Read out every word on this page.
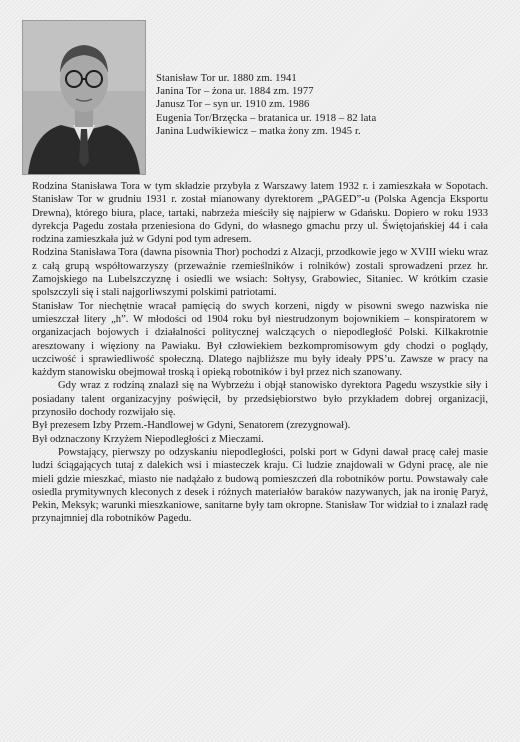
Stanisław Tor ur. 1880 zm. 1941
Janina Tor – żona ur. 1884 zm. 1977
Janusz Tor – syn ur. 1910 zm. 1986
Eugenia Tor/Brzęcka – bratanica ur. 1918 – 82 lata
Janina Ludwikiewicz – matka żony zm. 1945 r.

Rodzina Stanisława Tora w tym składzie przybyła z Warszawy latem 1932 r. i zamieszkała w Sopotach. Stanisław Tor w grudniu 1931 r. został mianowany dyrektorem „PAGED”-u (Polska Agencja Eksportu Drewna), którego biura, place, tartaki, nabrzeża mieściły się najpierw w Gdańsku. Dopiero w roku 1933 dyrekcja Pagedu została przeniesiona do Gdyni, do własnego gmachu przy ul. Świętojańskiej 44 i cała rodzina zamieszkała już w Gdyni pod tym adresem.

Rodzina Stanisława Tora (dawna pisownia Thor) pochodzi z Alzacji, przodkowie jego w XVIII wieku wraz z całą grupą współtowarzyszy (przeważnie rzemieślników i rolników) zostali sprowadzeni przez hr. Zamojskiego na Lubelszczyznę i osiedli we wsiach: Sołtysy, Grabowiec, Sitaniec. W krótkim czasie spolszczyli się i stali najgorliwszymi polskimi patriotami.

Stanisław Tor niechętnie wracał pamięcią do swych korzeni, nigdy w pisowni swego nazwiska nie umieszczał litery „h”. W młodości od 1904 roku był niestrudzonym bojownikiem – konspiratorem w organizacjach bojowych i działalności politycznej walczących o niepodległość Polski. Kilkakrotnie aresztowany i więziony na Pawiaku. Był człowiekiem bezkompromisowym gdy chodzi o poglądy, uczciwość i sprawiedliwość społeczną. Dlatego najbliższe mu były ideały PPS’u. Zawsze w pracy na każdym stanowisku obejmował troską i opieką robotników i był przez nich szanowany.

Gdy wraz z rodziną znalazł się na Wybrzeżu i objął stanowisko dyrektora Pagedu wszystkie siły i posiadany talent organizacyjny poświęcił, by przedsiębiorstwo było przykładem dobrej organizacji, przynosiło dochody rozwijało się.

Był prezesem Izby Przem.-Handlowej w Gdyni, Senatorem (zrezygnował).

Był odznaczony Krzyżem Niepodległości z Mieczami.

Powstający, pierwszy po odzyskaniu niepodległości, polski port w Gdyni dawał pracę całej masie ludzi ściągających tutaj z dalekich wsi i miasteczek kraju. Ci ludzie znajdowali w Gdyni pracę, ale nie mieli gdzie mieszkać, miasto nie nadążało z budową pomieszczeń dla robotników portu. Powstawały całe osiedla prymitywnych kleconych z desek i różnych materiałów baraków nazywanych, jak na ironię Paryż, Pekin, Meksyk; warunki mieszkaniowe, sanitarne były tam okropne. Stanisław Tor widział to i znalazł radę przynajmniej dla robotników Pagedu.
